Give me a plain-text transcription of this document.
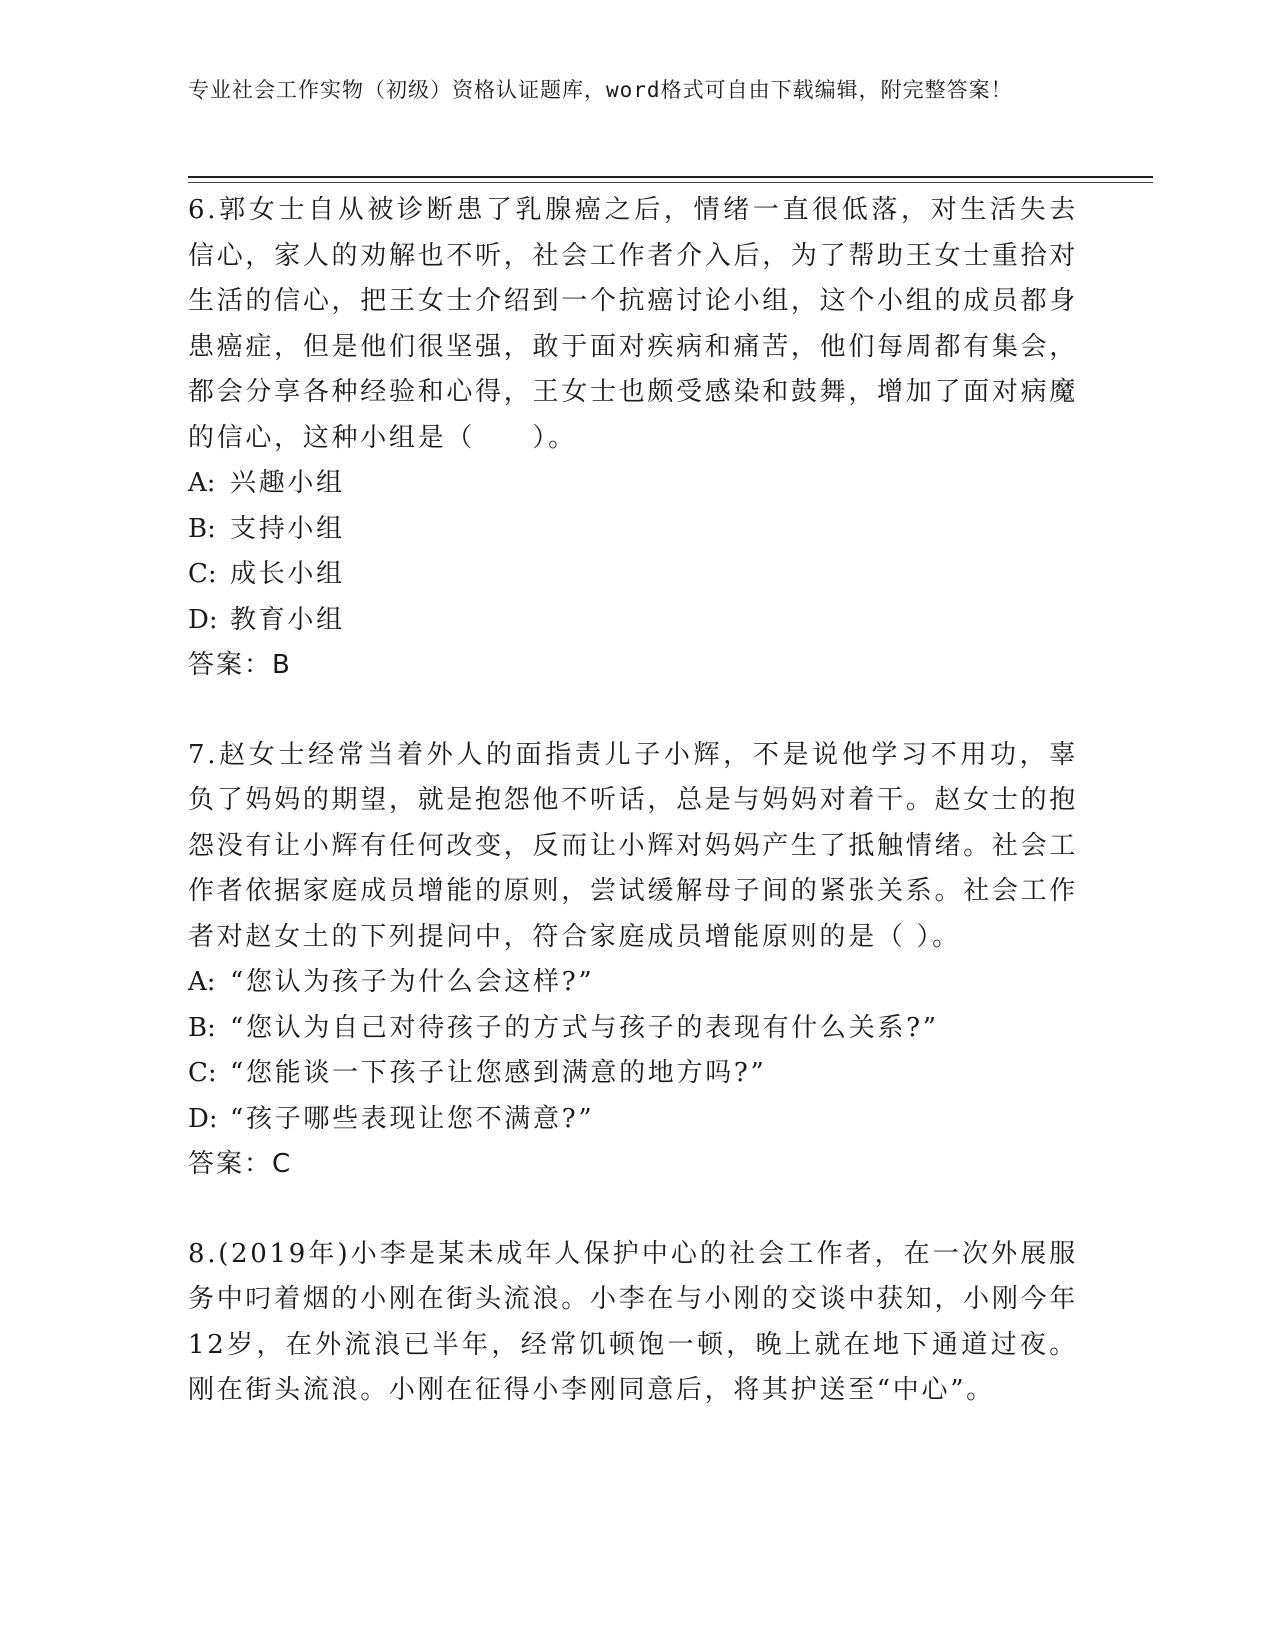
专业社会工作实物（初级）资格认证题库，word格式可自由下载编辑，附完整答案！

6.郭女士自从被诊断患了乳腺癌之后，情绪一直很低落，对生活失去信心，家人的劝解也不听，社会工作者介入后，为了帮助王女士重拾对生活的信心，把王女士介绍到一个抗癌讨论小组，这个小组的成员都身患癌症，但是他们很坚强，敢于面对疾病和痛苦，他们每周都有集会，都会分享各种经验和心得，王女士也颇受感染和鼓舞，增加了面对病魔的信心，这种小组是（　　）。

A: 兴趣小组
B: 支持小组
C: 成长小组
D: 教育小组
答案：B

7.赵女士经常当着外人的面指责儿子小辉，不是说他学习不用功，辜负了妈妈的期望，就是抱怨他不听话，总是与妈妈对着干。赵女士的抱怨没有让小辉有任何改变，反而让小辉对妈妈产生了抵触情绪。社会工作者依据家庭成员增能的原则，尝试缓解母子间的紧张关系。社会工作者对赵女土的下列提问中，符合家庭成员增能原则的是（ ）。

A: “您认为孩子为什么会这样?”
B: “您认为自己对待孩子的方式与孩子的表现有什么关系?”
C: “您能谈一下孩子让您感到满意的地方吗?”
D: “孩子哪些表现让您不满意?”
答案：C

8.(2019年)小李是某未成年人保护中心的社会工作者，在一次外展服务中叼着烟的小刚在街头流浪。小李在与小刚的交谈中获知，小刚今年12岁，在外流浪已半年，经常饥顿饱一顿，晚上就在地下通道过夜。刚在街头流浪。小刚在征得小李刚同意后，将其护送至“中心”。
